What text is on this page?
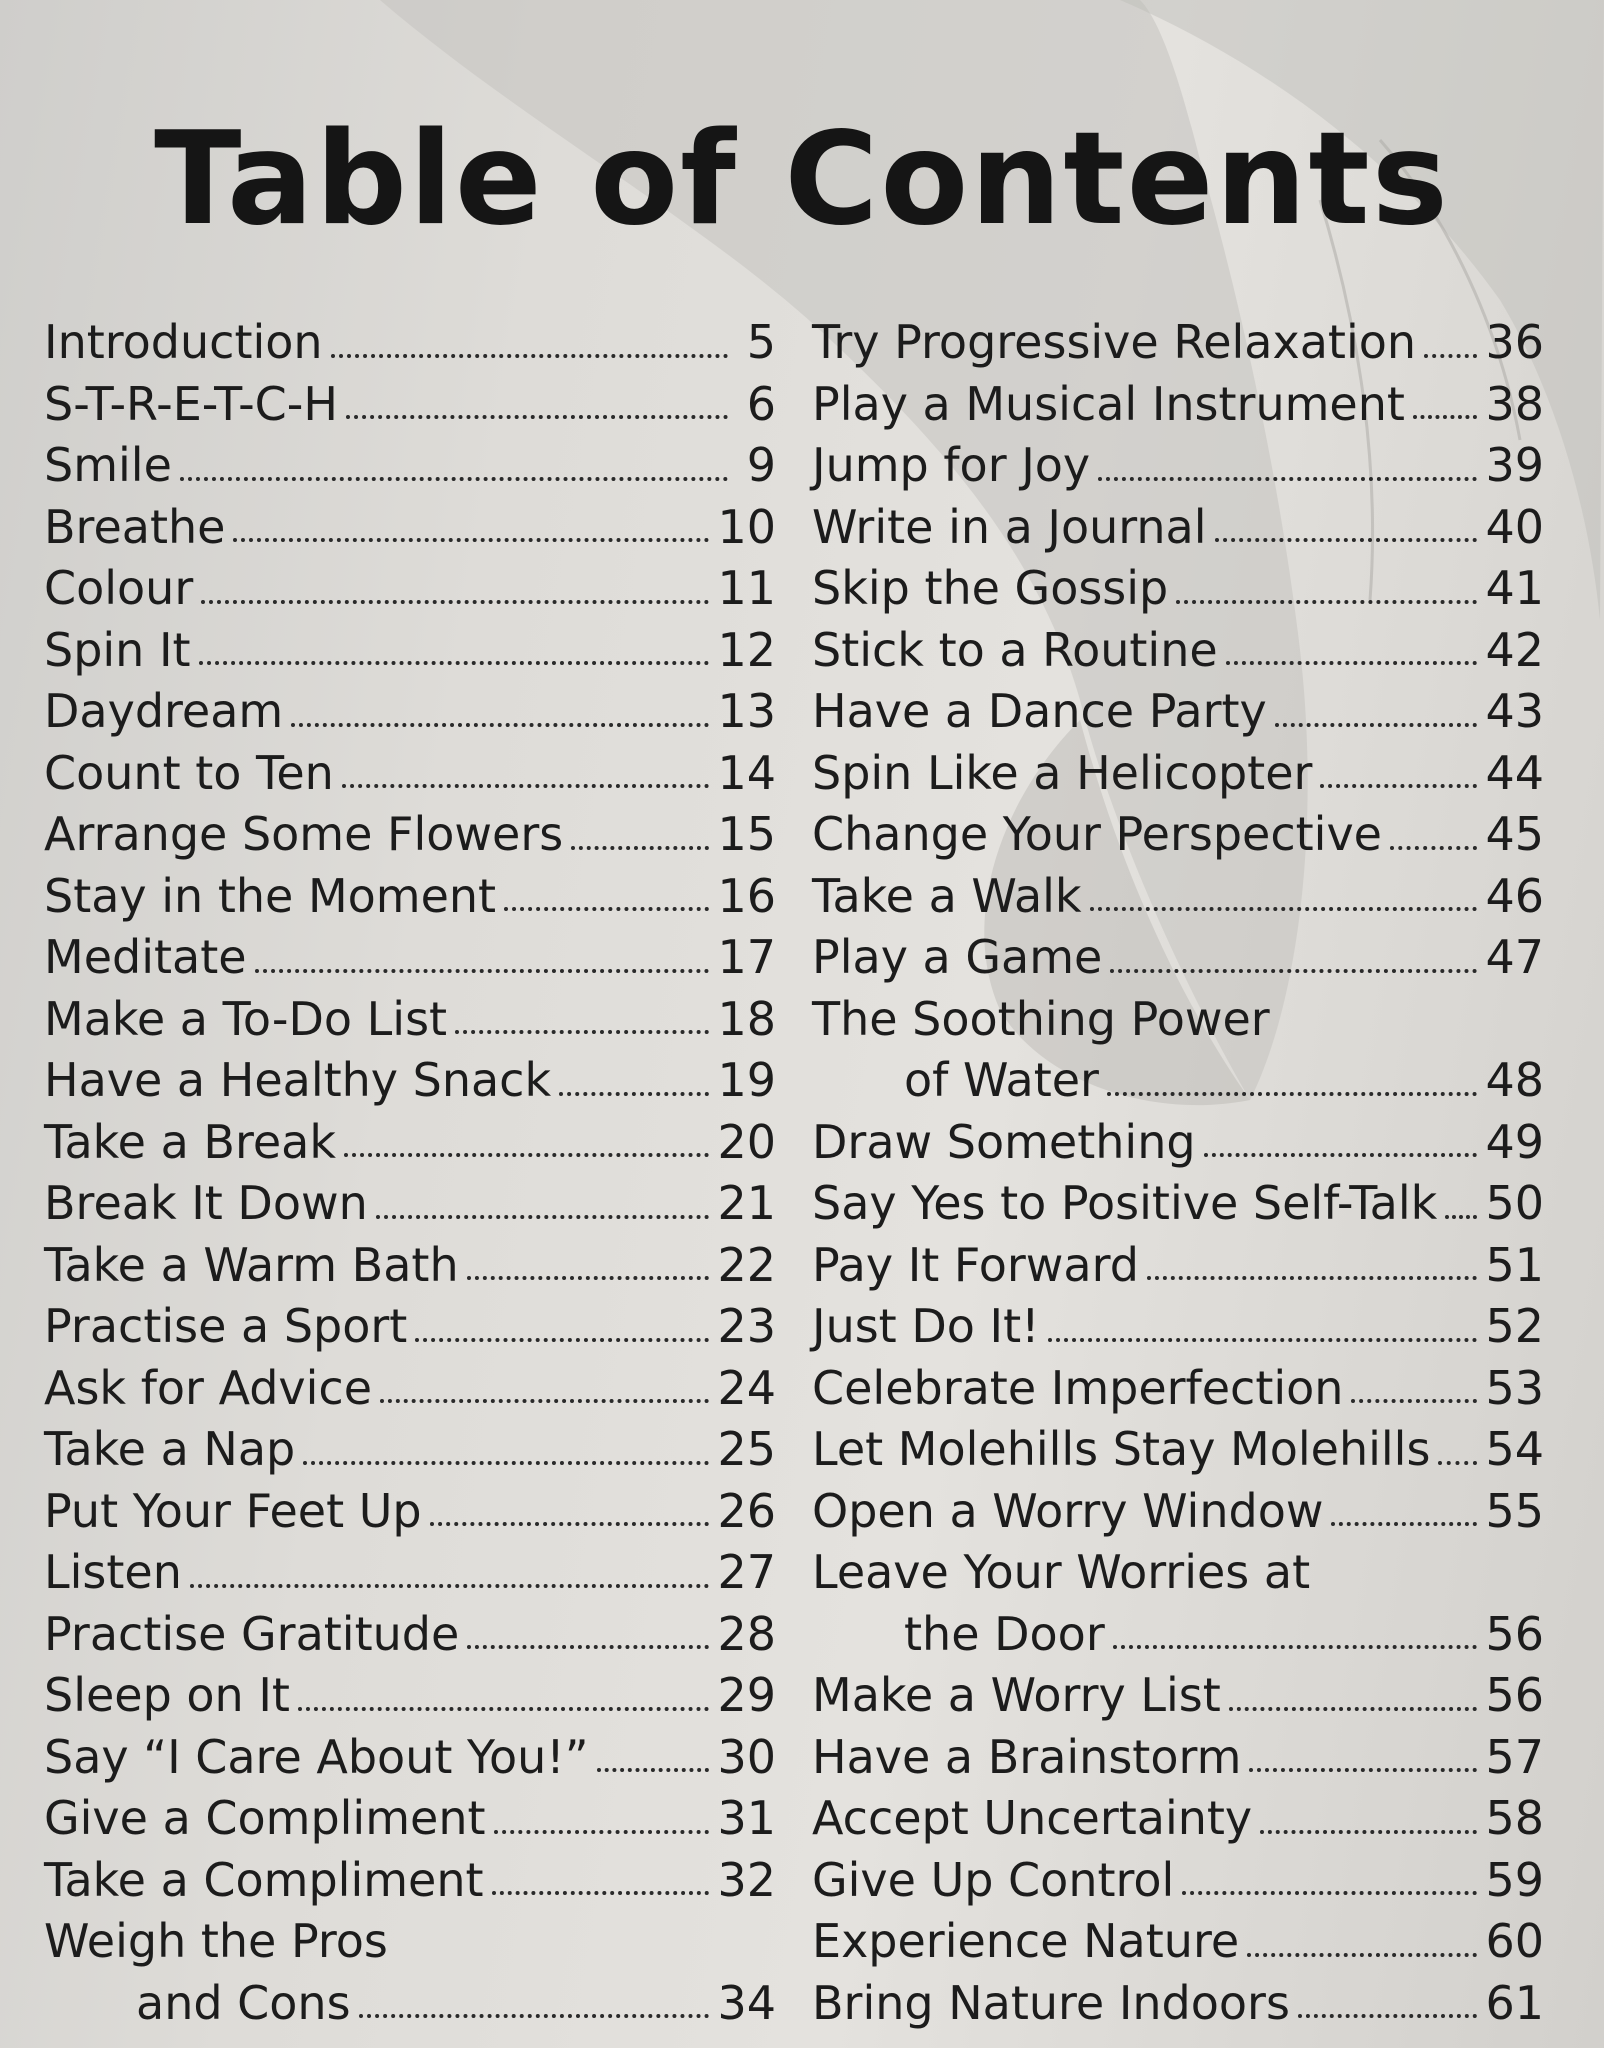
Table of Contents
Introduction	5
S-T-R-E-T-C-H	6
Smile	9
Breathe	10
Colour	11
Spin It	12
Daydream	13
Count to Ten	14
Arrange Some Flowers	15
Stay in the Moment	16
Meditate	17
Make a To-Do List	18
Have a Healthy Snack	19
Take a Break	20
Break It Down	21
Take a Warm Bath	22
Practise a Sport	23
Ask for Advice	24
Take a Nap	25
Put Your Feet Up	26
Listen	27
Practise Gratitude	28
Sleep on It	29
Say “I Care About You!”	30
Give a Compliment	31
Take a Compliment	32
Weigh the Pros
and Cons	34
Try Progressive Relaxation 36
Play a Musical Instrument 38
Jump for Joy	39
Write in a Journal	40
Skip the Gossip	41
Stick to a Routine	42
Have a Dance Party	43
Spin Like a Helicopter	44
Change Your Perspective 45
Take a Walk	46
Play a Game	47
The Soothing Power
of Water	48
Draw Something	49
Say Yes to Positive Self-Talk 50
Pay It Forward	51
Just Do It!	52
Celebrate Imperfection	53
Let Molehills Stay Molehills 54
Open a Worry Window	55
Leave Your Worries at
the Door	56
Make a Worry List	56
Have a Brainstorm	57
Accept Uncertainty	58
Give Up Control	59
Experience Nature	60
Bring Nature Indoors	61
